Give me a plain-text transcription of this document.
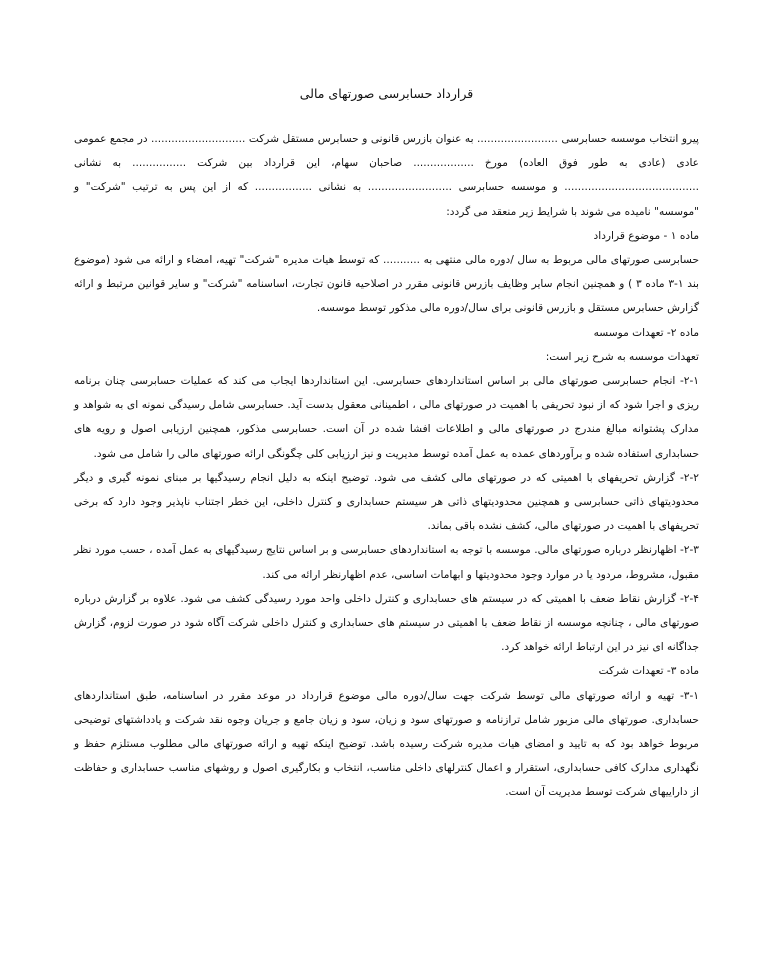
قرارداد حسابرسی صورتهای مالی

پیرو انتخاب موسسه حسابرسی ........................ به عنوان بازرس قانونی و حسابرس مستقل شرکت ............................ در مجمع عمومی عادی (عادی به طور فوق العاده) مورخ .................. صاحبان سهام، این قرارداد بین شرکت ................ به نشانی ........................................ و موسسه حسابرسی ......................... به نشانی ................. که از این پس به ترتیب "شرکت" و "موسسه" نامیده می شوند با شرایط زیر منعقد می گردد:

ماده ۱ - موضوع قرارداد

حسابرسی صورتهای مالی مربوط به سال /دوره مالی منتهی به ........... که توسط هیات مدیره "شرکت" تهیه، امضاء و ارائه می شود (موضوع بند ۱-۳ ماده ۳ ) و همچنین انجام سایر وظایف بازرس قانونی مقرر در اصلاحیه قانون تجارت، اساسنامه "شرکت" و سایر قوانین مرتبط و ارائه گزارش حسابرس مستقل و بازرس قانونی برای سال/دوره مالی مذکور توسط موسسه.

ماده ۲- تعهدات موسسه

تعهدات موسسه به شرح زیر است:

۲-۱- انجام حسابرسی صورتهای مالی بر اساس استانداردهای حسابرسی. این استانداردها ایجاب می کند که عملیات حسابرسی چنان برنامه ریزی و اجرا شود که از نبود تحریفی با اهمیت در صورتهای مالی ، اطمینانی معقول بدست آید. حسابرسی شامل رسیدگی نمونه ای به شواهد و مدارک پشتوانه مبالغ مندرج در صورتهای مالی و اطلاعات افشا شده در آن است. حسابرسی مذکور، همچنین ارزیابی اصول و رویه های حسابداری استفاده شده و برآوردهای عمده به عمل آمده توسط مدیریت و نیز ارزیابی کلی چگونگی ارائه صورتهای مالی را شامل می شود.

۲-۲- گزارش تحریفهای با اهمیتی که در صورتهای مالی کشف می شود. توضیح اینکه به دلیل انجام رسیدگیها بر مبنای نمونه گیری و دیگر محدودیتهای ذاتی حسابرسی و همچنین محدودیتهای ذاتی هر سیستم حسابداری و کنترل داخلی، این خطر اجتناب ناپذیر وجود دارد که برخی تحریفهای با اهمیت در صورتهای مالی، کشف نشده باقی بماند.

۲-۳- اظهارنظر درباره صورتهای مالی. موسسه با توجه به استانداردهای حسابرسی و بر اساس نتایج رسیدگیهای به عمل آمده ، حسب مورد نظر مقبول، مشروط، مردود یا در موارد وجود محدودیتها و ابهامات اساسی، عدم اظهارنظر ارائه می کند.

۲-۴- گزارش نقاط ضعف با اهمیتی که در سیستم های حسابداری و کنترل داخلی واحد مورد رسیدگی کشف می شود. علاوه بر گزارش درباره صورتهای مالی ، چنانچه موسسه از نقاط ضعف با اهمیتی در سیستم های حسابداری و کنترل داخلی شرکت آگاه شود در صورت لزوم، گزارش جداگانه ای نیز در این ارتباط ارائه خواهد کرد.

ماده ۳- تعهدات شرکت

۳-۱- تهیه و ارائه صورتهای مالی توسط شرکت جهت سال/دوره مالی موضوع قرارداد در موعد مقرر در اساسنامه، طبق استانداردهای حسابداری. صورتهای مالی مزبور شامل ترازنامه و صورتهای سود و زیان، سود و زیان جامع و جریان وجوه نقد شرکت و یادداشتهای توضیحی مربوط خواهد بود که به تایید و امضای هیات مدیره شرکت رسیده باشد. توضیح اینکه تهیه و ارائه صورتهای مالی مطلوب مستلزم حفظ و نگهداری مدارک کافی حسابداری، استقرار و اعمال کنترلهای داخلی مناسب، انتخاب و بکارگیری اصول و روشهای مناسب حسابداری و حفاظت از داراییهای شرکت توسط مدیریت آن است.
